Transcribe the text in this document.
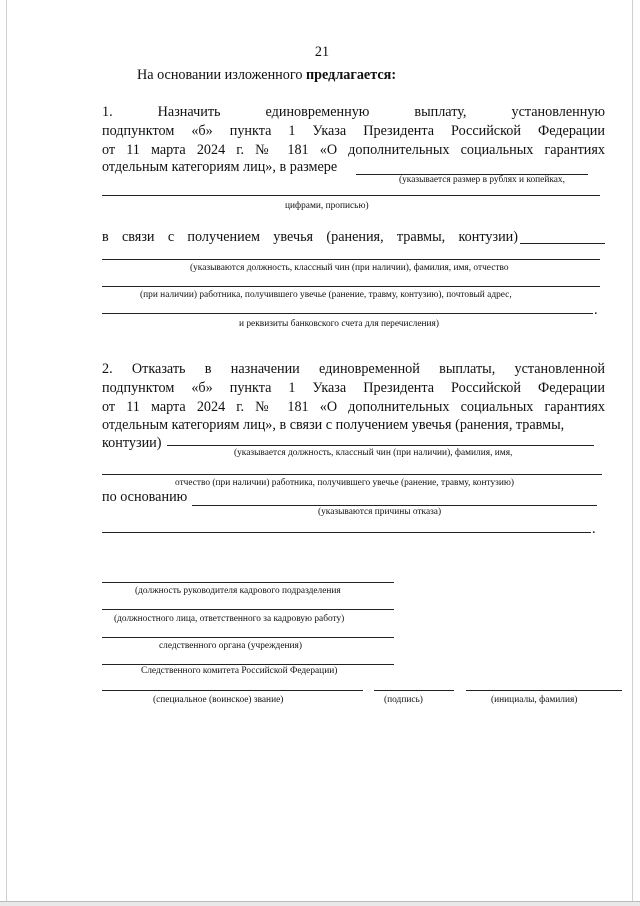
21
На основании изложенного предлагается:
1. Назначить единовременную выплату, установленную
подпунктом «б» пункта 1 Указа Президента Российской Федерации
от 11 марта 2024 г. № 181 «О дополнительных социальных гарантиях
отдельным категориям лиц», в размере
(указывается размер в рублях и копейках,
цифрами, прописью)
в связи с получением увечья (ранения, травмы, контузии)
(указываются должность, классный чин (при наличии), фамилия, имя, отчество
(при наличии) работника, получившего увечье (ранение, травму, контузию), почтовый адрес,
.
и реквизиты банковского счета для перечисления)
2. Отказать в назначении единовременной выплаты, установленной
подпунктом «б» пункта 1 Указа Президента Российской Федерации
от 11 марта 2024 г. № 181 «О дополнительных социальных гарантиях
отдельным категориям лиц», в связи с получением увечья (ранения, травмы,
контузии)
(указывается должность, классный чин (при наличии), фамилия, имя,
отчество (при наличии) работника, получившего увечье (ранение, травму, контузию)
по основанию
(указываются причины отказа)
.
(должность руководителя кадрового подразделения
(должностного лица, ответственного за кадровую работу)
следственного органа (учреждения)
Следственного комитета Российской Федерации)
(специальное (воинское) звание)	(подпись)	(инициалы, фамилия)
